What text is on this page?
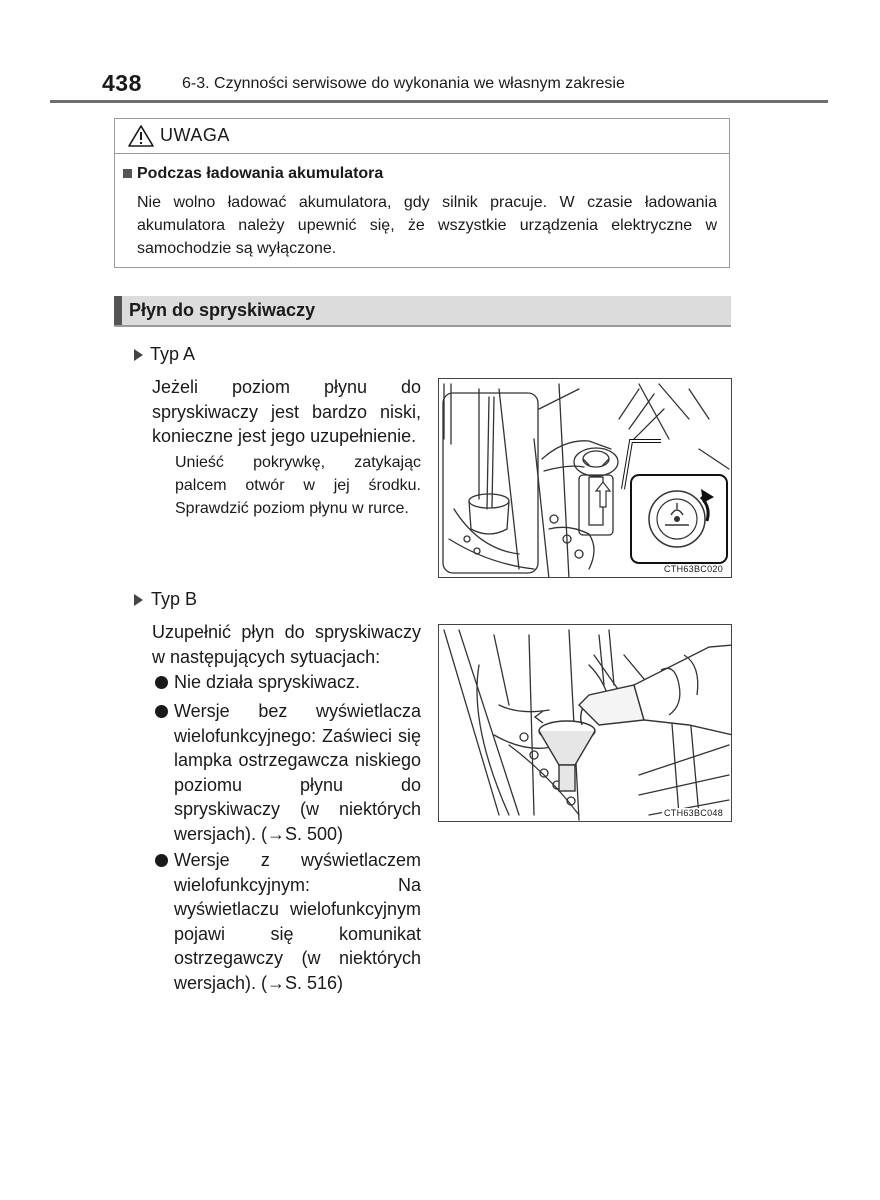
438	6-3. Czynności serwisowe do wykonania we własnym zakresie
UWAGA
Podczas ładowania akumulatora
Nie wolno ładować akumulatora, gdy silnik pracuje. W czasie ładowania akumulatora należy upewnić się, że wszystkie urządzenia elektryczne w samochodzie są wyłączone.
Płyn do spryskiwaczy
Typ A
Jeżeli poziom płynu do spryskiwaczy jest bardzo niski, konieczne jest jego uzupełnienie.
Unieść pokrywkę, zatykając palcem otwór w jej środku. Sprawdzić poziom płynu w rurce.
CTH63BC020
Typ B
Uzupełnić płyn do spryskiwaczy w następujących sytuacjach:
Nie działa spryskiwacz.
Wersje bez wyświetlacza wielofunkcyjnego: Zaświeci się lampka ostrzegawcza niskiego poziomu płynu do spryskiwaczy (w niektórych wersjach). (→S. 500)
Wersje z wyświetlaczem wielofunkcyjnym: Na wyświetlaczu wielofunkcyjnym pojawi się komunikat ostrzegawczy (w niektórych wersjach). (→S. 516)
CTH63BC048
